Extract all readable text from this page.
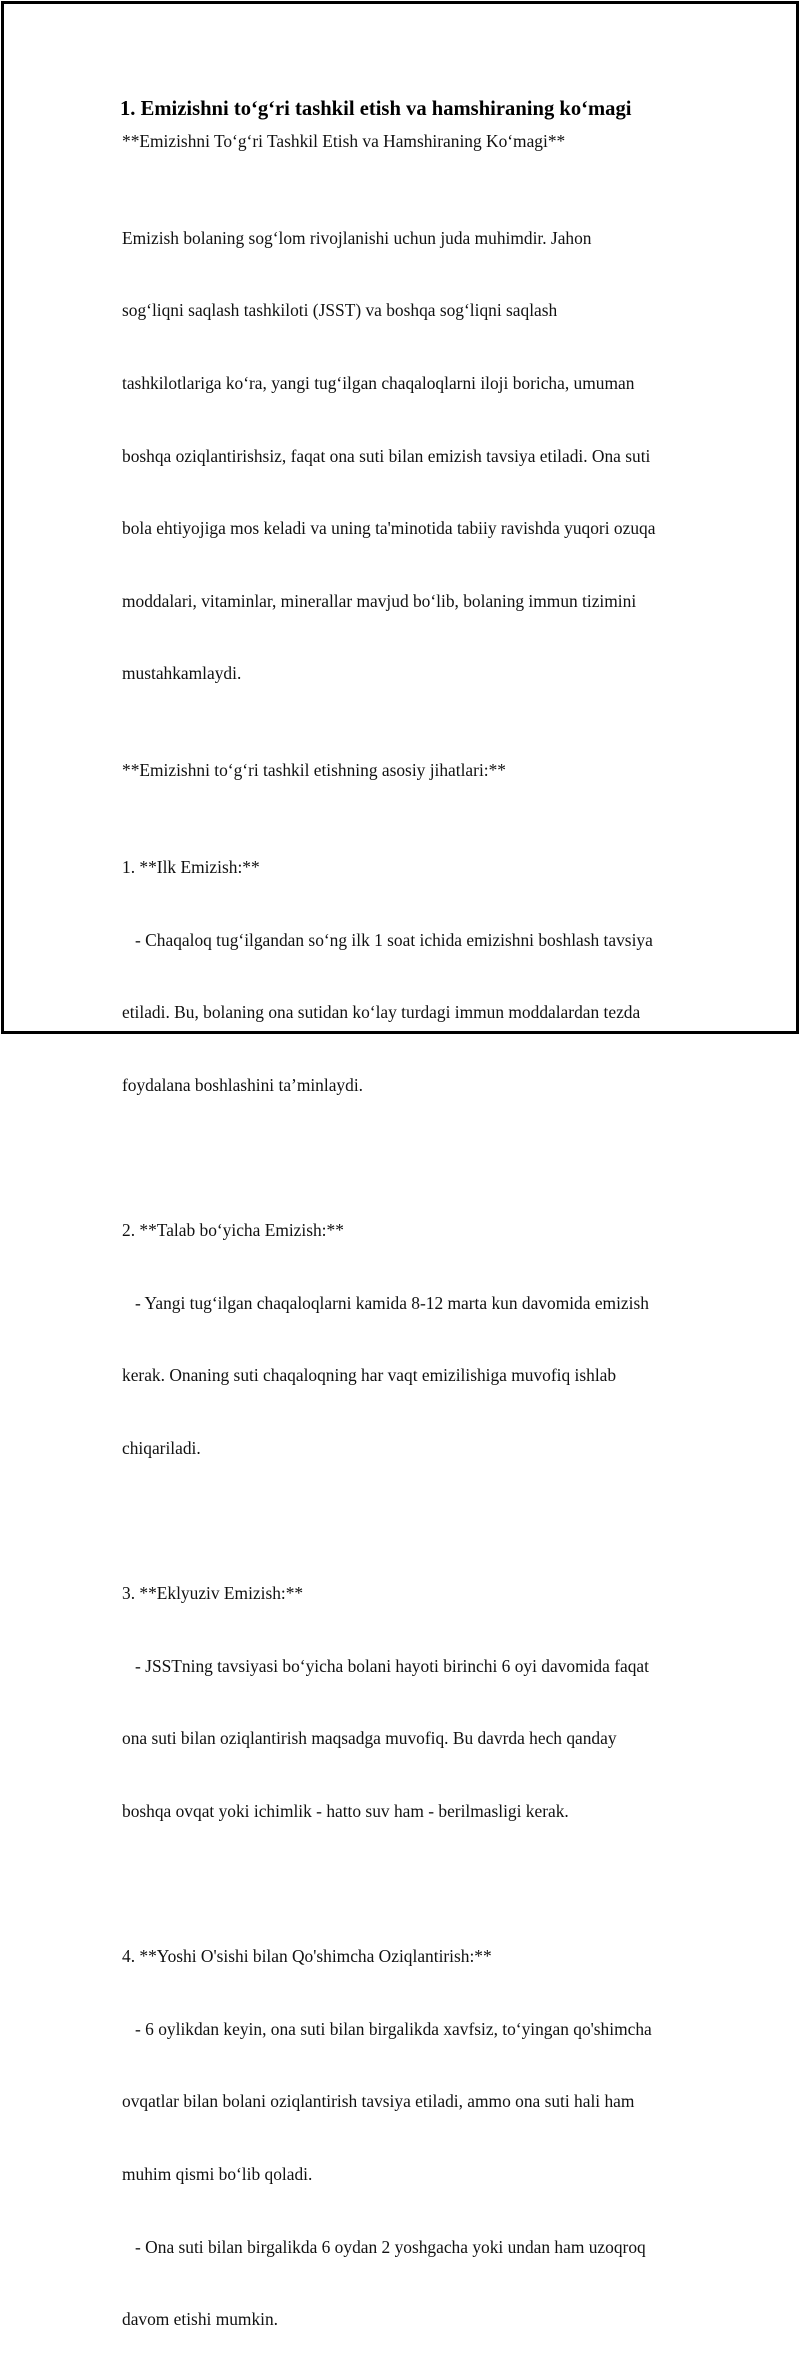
1. Emizishni to‘g‘ri tashkil etish va hamshiraning ko‘magi
**Emizishni To‘g‘ri Tashkil Etish va Hamshiraning Ko‘magi**

Emizish bolaning sog‘lom rivojlanishi uchun juda muhimdir. Jahon

sog‘liqni saqlash tashkiloti (JSST) va boshqa sog‘liqni saqlash

tashkilotlariga ko‘ra, yangi tug‘ilgan chaqaloqlarni iloji boricha, umuman

boshqa oziqlantirishsiz, faqat ona suti bilan emizish tavsiya etiladi. Ona suti

bola ehtiyojiga mos keladi va uning ta'minotida tabiiy ravishda yuqori ozuqa

moddalari, vitaminlar, minerallar mavjud bo‘lib, bolaning immun tizimini

mustahkamlaydi.

**Emizishni to‘g‘ri tashkil etishning asosiy jihatlari:**

1. **Ilk Emizish:**

- Chaqaloq tug‘ilgandan so‘ng ilk 1 soat ichida emizishni boshlash tavsiya

etiladi. Bu, bolaning ona sutidan ko‘lay turdagi immun moddalardan tezda

foydalana boshlashini ta’minlaydi.

2. **Talab bo‘yicha Emizish:**

- Yangi tug‘ilgan chaqaloqlarni kamida 8-12 marta kun davomida emizish

kerak. Onaning suti chaqaloqning har vaqt emizilishiga muvofiq ishlab

chiqariladi.

3. **Eklyuziv Emizish:**

- JSSTning tavsiyasi bo‘yicha bolani hayoti birinchi 6 oyi davomida faqat

ona suti bilan oziqlantirish maqsadga muvofiq. Bu davrda hech qanday

boshqa ovqat yoki ichimlik - hatto suv ham - berilmasligi kerak.

4. **Yoshi O'sishi bilan Qo'shimcha Oziqlantirish:**

- 6 oylikdan keyin, ona suti bilan birgalikda xavfsiz, to‘yingan qo'shimcha

ovqatlar bilan bolani oziqlantirish tavsiya etiladi, ammo ona suti hali ham

muhim qismi bo‘lib qoladi.

- Ona suti bilan birgalikda 6 oydan 2 yoshgacha yoki undan ham uzoqroq

davom etishi mumkin.
